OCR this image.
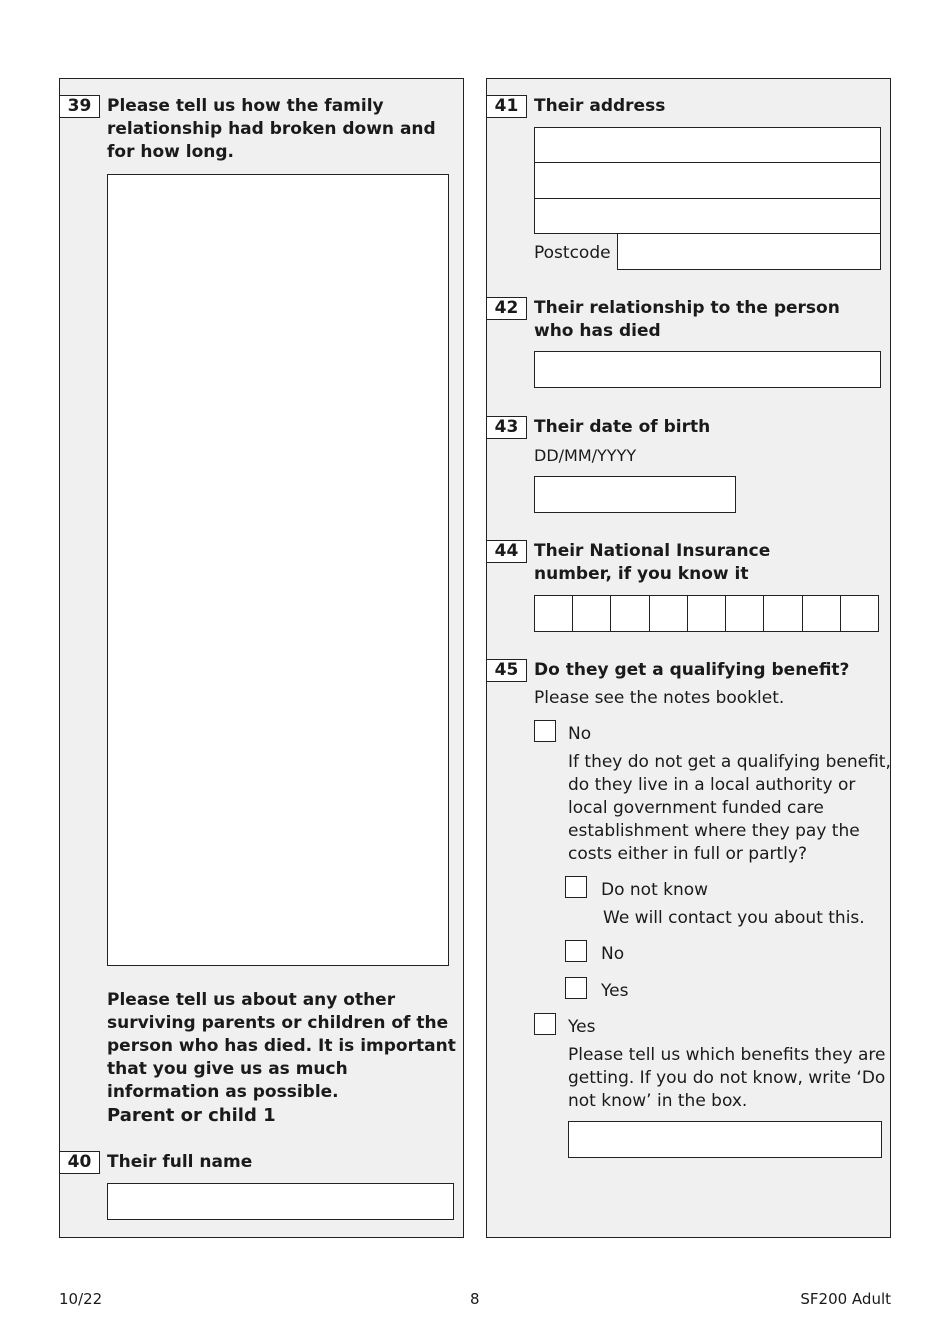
39 Please tell us how the family relationship had broken down and for how long.

Please tell us about any other surviving parents or children of the person who has died. It is important that you give us as much information as possible.

Parent or child 1

40 Their full name

41 Their address

Postcode
42 Their relationship to the person who has died

43 Their date of birth

DD/MM/YYYY
44 Their National Insurance number, if you know it

45 Do they get a qualifying benefit?

Please see the notes booklet.
No

If they do not get a qualifying benefit, do they live in a local authority or local government funded care establishment where they pay the costs either in full or partly?

Do not know
We will contact you about this.
No
Yes
Yes

Please tell us which benefits they are getting. If you do not know, write ‘Do not know’ in the box.

10/22	8	SF200 Adult
